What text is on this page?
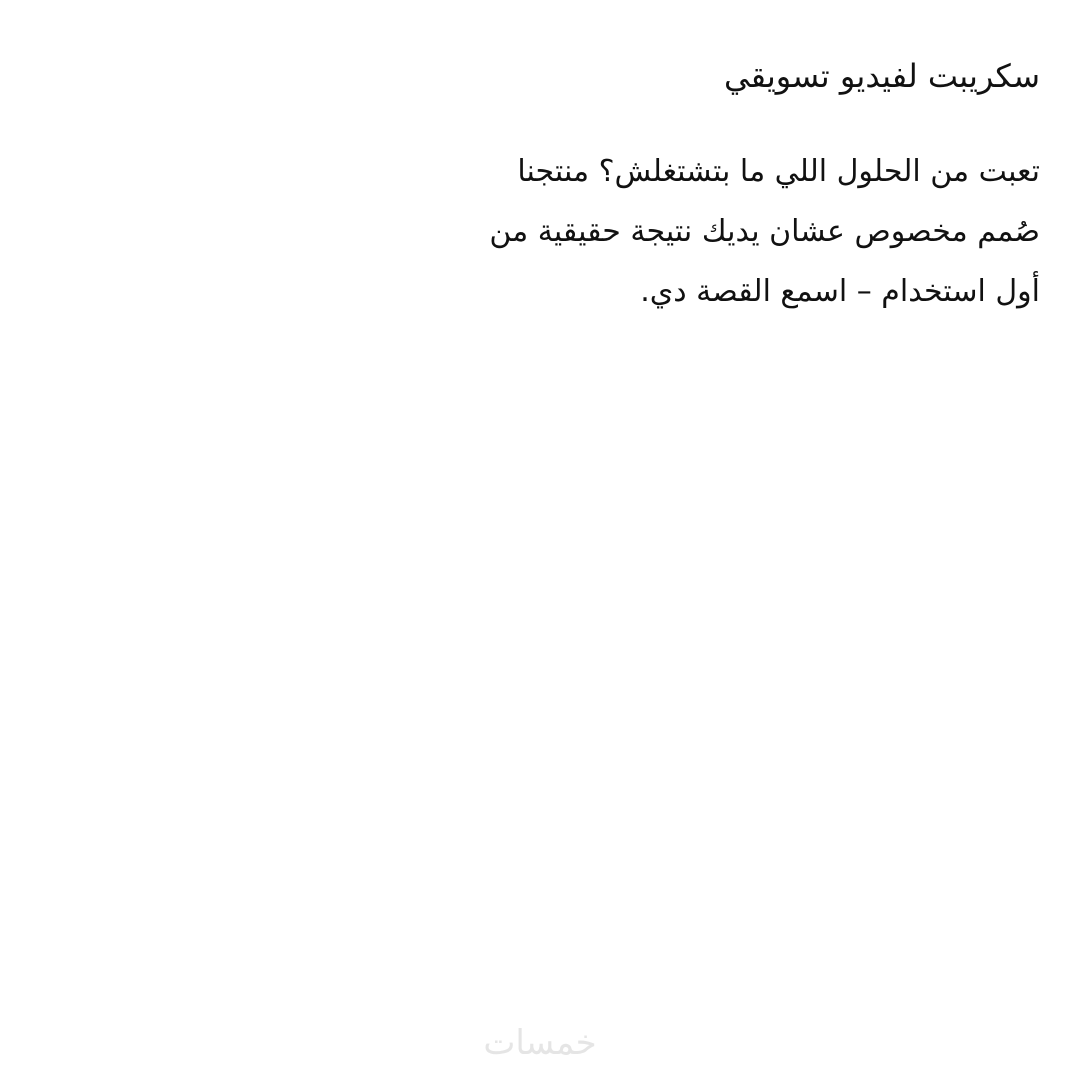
سكريبت لفيديو تسويقي
تعبت من الحلول اللي ما بتشتغلش؟ منتجنا
صُمم مخصوص عشان يديك نتيجة حقيقية من
أول استخدام – اسمع القصة دي.
خمسات
